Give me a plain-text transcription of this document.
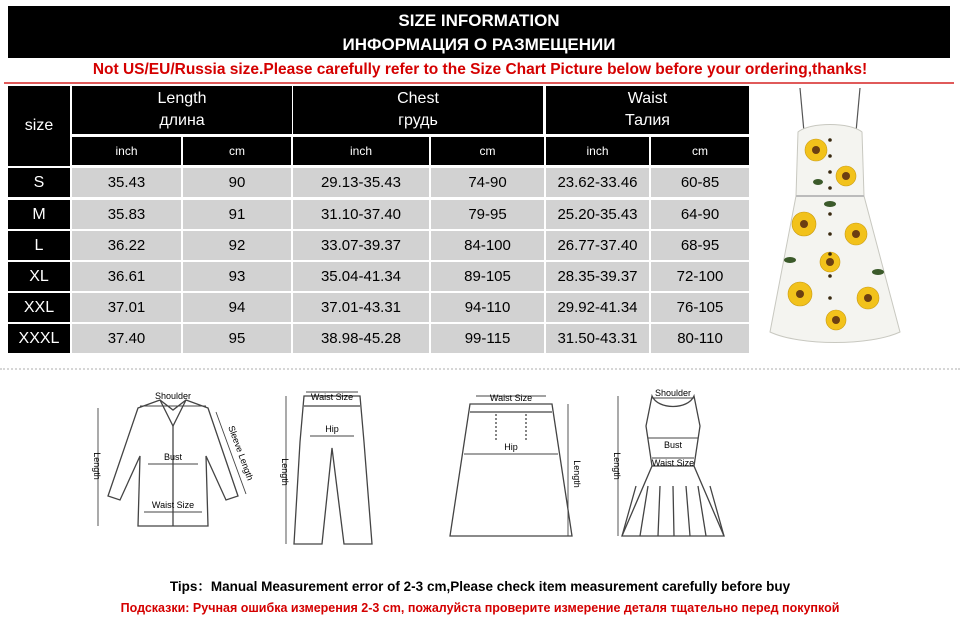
SIZE INFORMATION
ИНФОРМАЦИЯ О РАЗМЕЩЕНИИ
Not US/EU/Russia size.Please carefully refer to the Size Chart Picture below before your ordering,thanks!
size
Length
длина
Chest
грудь
Waist
Талия
inch	cm	inch	cm	inch	cm
S	35.43	90	29.13-35.43	74-90	23.62-33.46	60-85
M	35.83	91	31.10-37.40	79-95	25.20-35.43	64-90
L	36.22	92	33.07-39.37	84-100	26.77-37.40	68-95
XL	36.61	93	35.04-41.34	89-105	28.35-39.37	72-100
XXL	37.01	94	37.01-43.31	94-110	29.92-41.34	76-105
XXXL	37.40	95	38.98-45.28	99-115	31.50-43.31	80-110
Shoulder
Bust
Waist Size
Length	Sleeve Length
Waist Size
Hip
Length
Waist Size
Hip
Length
Shoulder
Bust
Waist Size
Length
Tips：Manual Measurement error of 2-3 cm,Please check item measurement carefully before buy
Подсказки: Ручная ошибка измерения 2-3 cm, пожалуйста проверите измерение деталя тщательно перед покупкой
